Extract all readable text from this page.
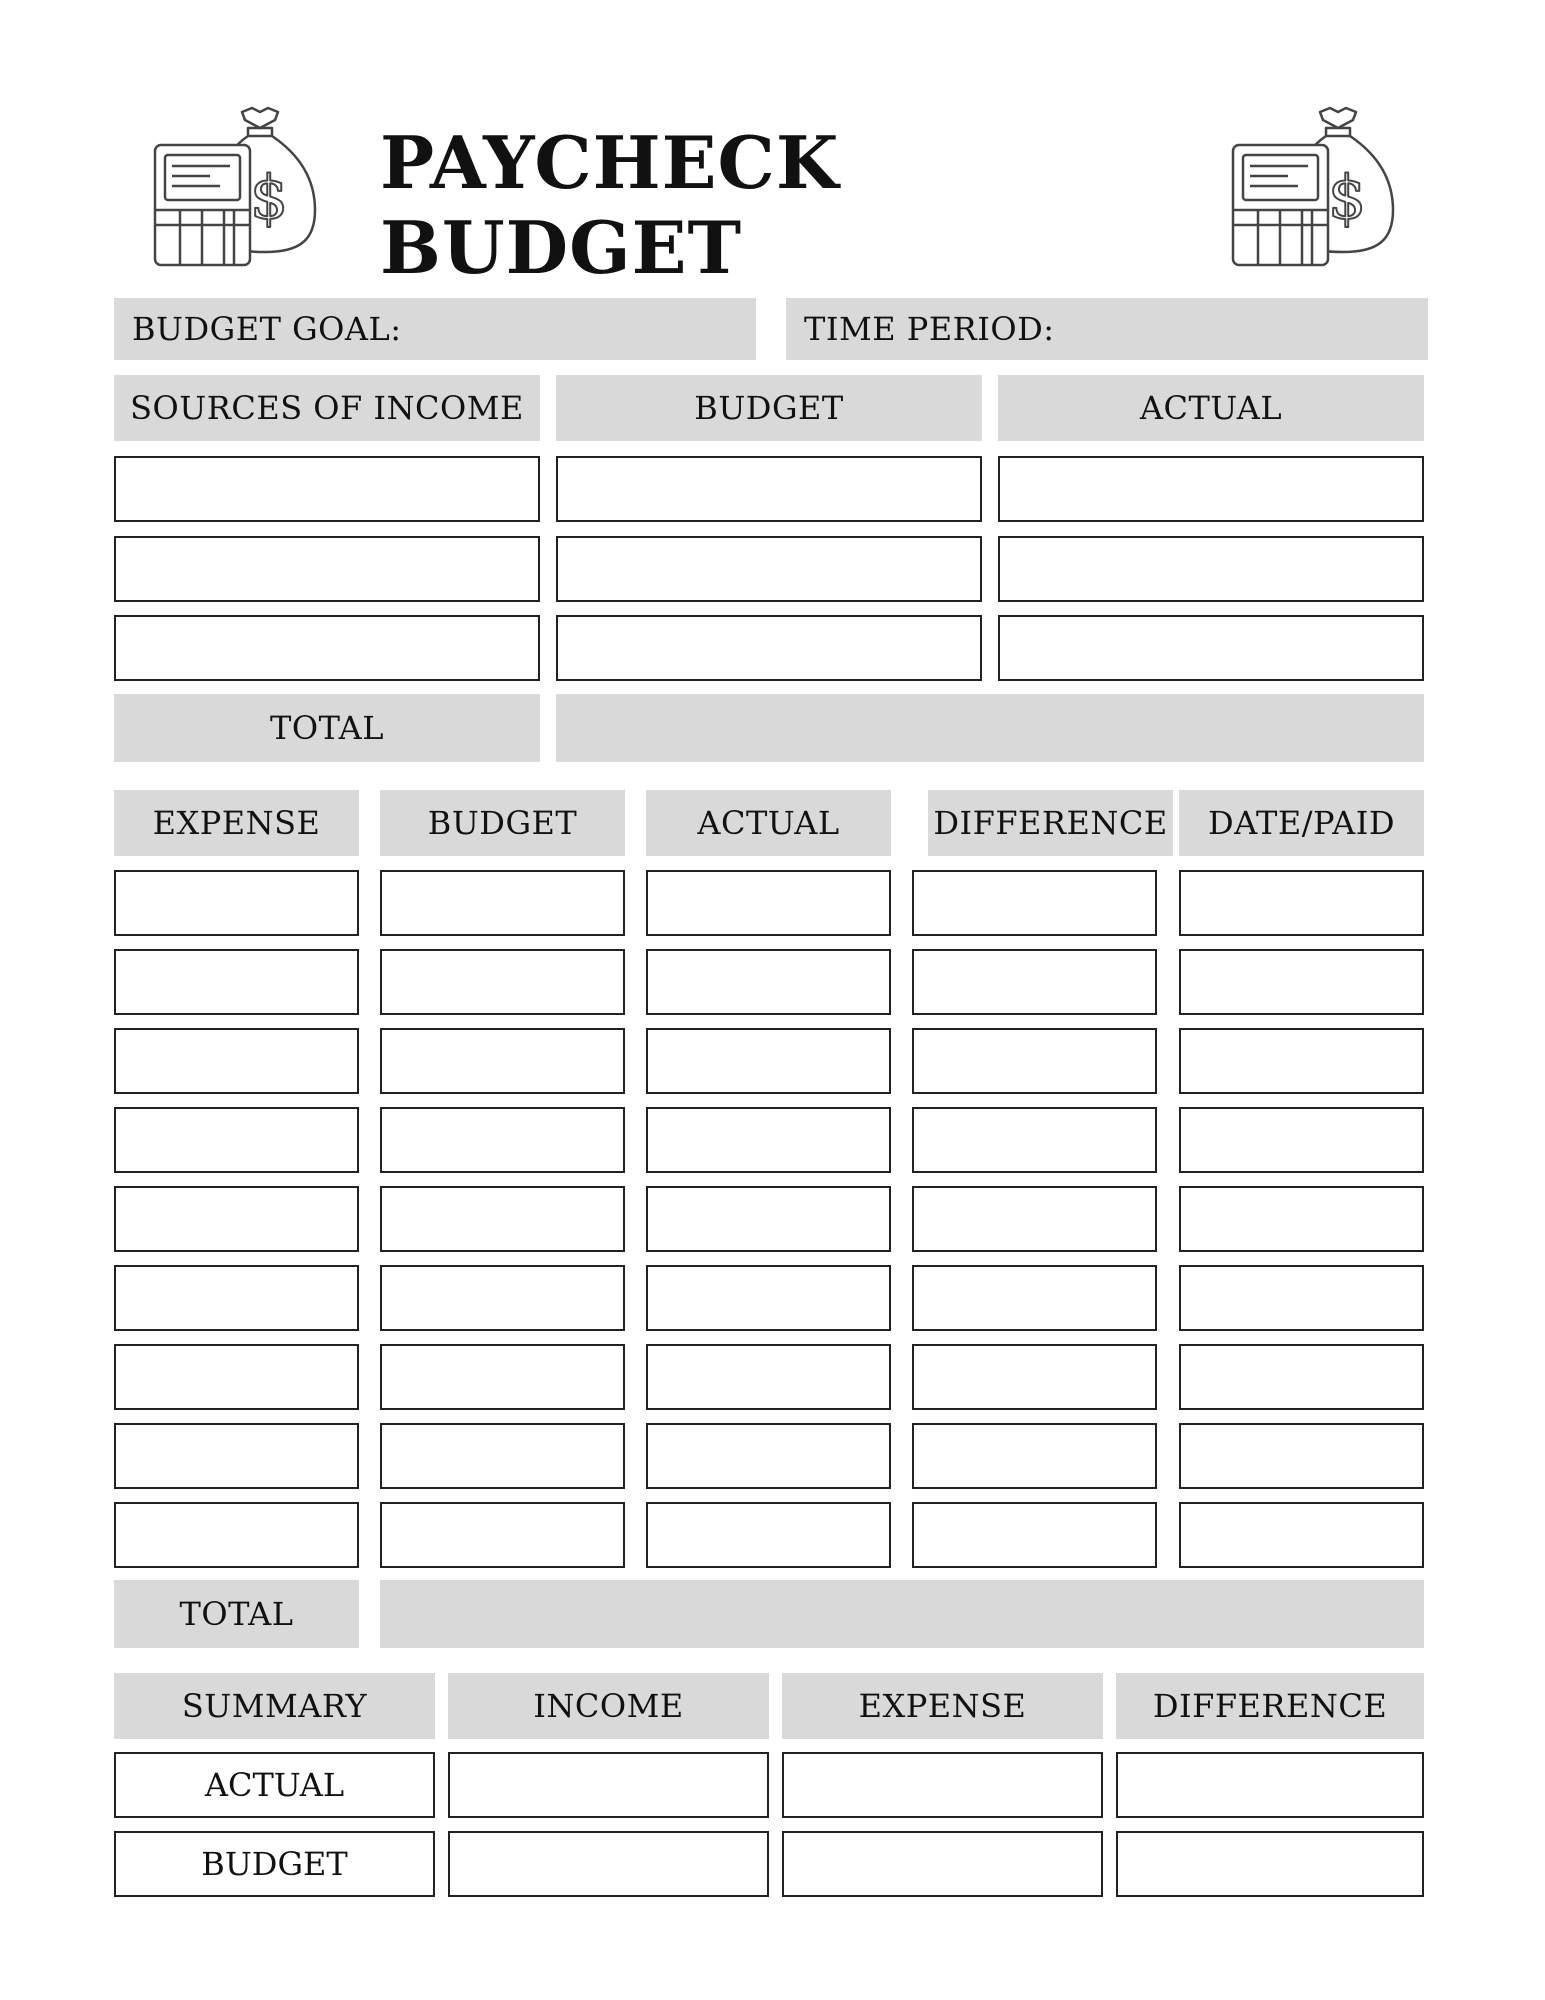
$	$
PAYCHECK BUDGET
BUDGET GOAL:	TIME PERIOD:
SOURCES OF INCOME	BUDGET	ACTUAL
TOTAL
EXPENSE	BUDGET	ACTUAL	DIFFERENCE	DATE/PAID
TOTAL
SUMMARY	INCOME	EXPENSE	DIFFERENCE
ACTUAL
BUDGET
